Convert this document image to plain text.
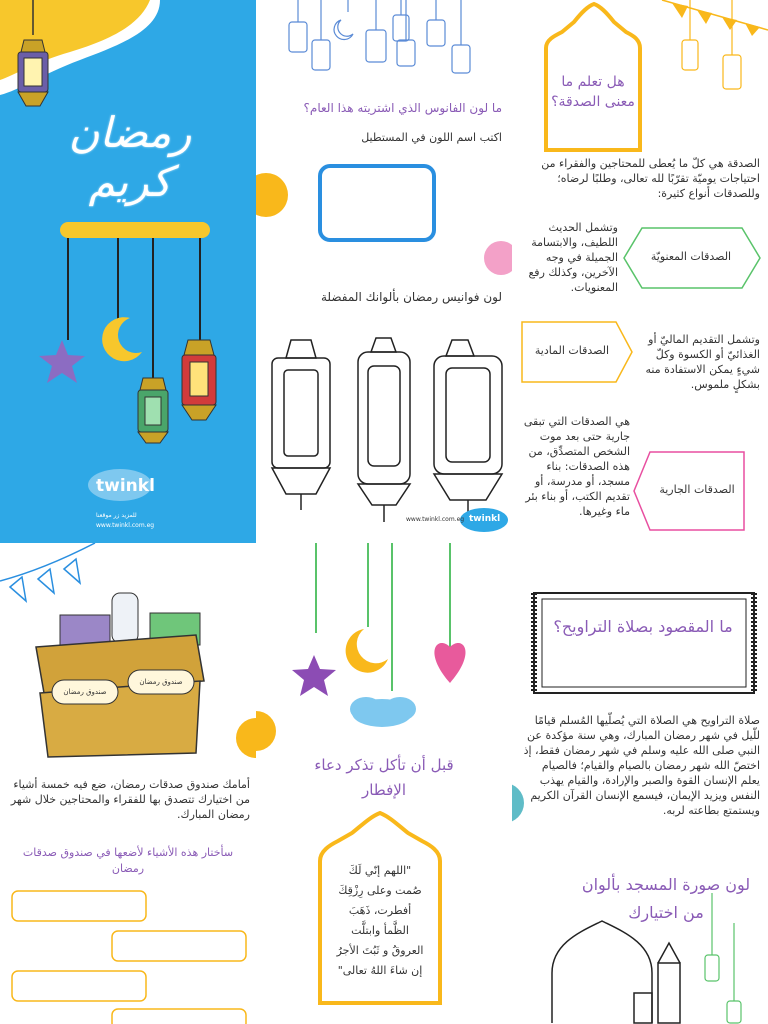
رمضان كريم
twinkl
للمزيد زر موقعنا
www.twinkl.com.eg
ما لون الفانوس الذي اشتريته هذا العام؟
اكتب اسم اللون في المستطيل
لون فوانيس رمضان بألوانك المفضلة
www.twinkl.com.eg twinkl
هل تعلم ما معنى الصدقة؟
الصدقة هي كلّ ما يُعطى للمحتاجين والفقراء من احتياجات يوميّة تقرّبًا لله تعالى، وطلبًا لرضاه؛ وللصدقات أنواع كثيرة:
الصدقات المعنويّة
وتشمل الحديث اللطيف، والابتسامة الجميلة في وجه الآخرين، وكذلك رفع المعنويات.
الصدقات المادية
وتشمل التقديم الماليّ أو الغذائيّ أو الكسوة وكلّ شيءٍ يمكن الاستفادة منه بشكلٍ ملموس.
الصدقات الجارية
هي الصدقات التي تبقى جارية حتى بعد موت الشخص المتصدِّق، من هذه الصدقات: بناء مسجد، أو مدرسة، أو تقديم الكتب، أو بناء بئر ماء وغيرها.
صندوق رمضان
صندوق رمضان
أمامك صندوق صدقات رمضان، ضع فيه خمسة أشياء من اختيارك تتصدق بها للفقراء والمحتاجين خلال شهر رمضان المبارك.
سأختار هذه الأشياء لأضعها في صندوق صدقات رمضان
قبل أن تأكل تذكر دعاء الإفطار
اللهم إنّي لَكَ"
صُمت وعلى رِزْقِكَ
أفطرت، ذَهَبَ
الظَّمأ وابتلَّت
العروقُ و ثَبُتَ الأجرُ
"إن شاءَ اللهُ تعالى
ما المقصود بصلاة التراويح؟
صلاة التراويح هي الصلاة التي يُصلّيها المُسلم قيامًا للّيل في شهر رمضان المبارك، وهي سنة مؤكدة عن النبي صلى الله عليه وسلم في شهر رمضان فقط، إذ اختصّ الله شهر رمضان بالصيام والقيام؛ فالصيام يعلم الإنسان القوة والصبر والإرادة، والقيام يهذب النفس ويزيد الإيمان، فيسمع الإنسان القرآن الكريم ويستمتع بطاعته لربه.
لون صورة المسجد بألوان من اختيارك
